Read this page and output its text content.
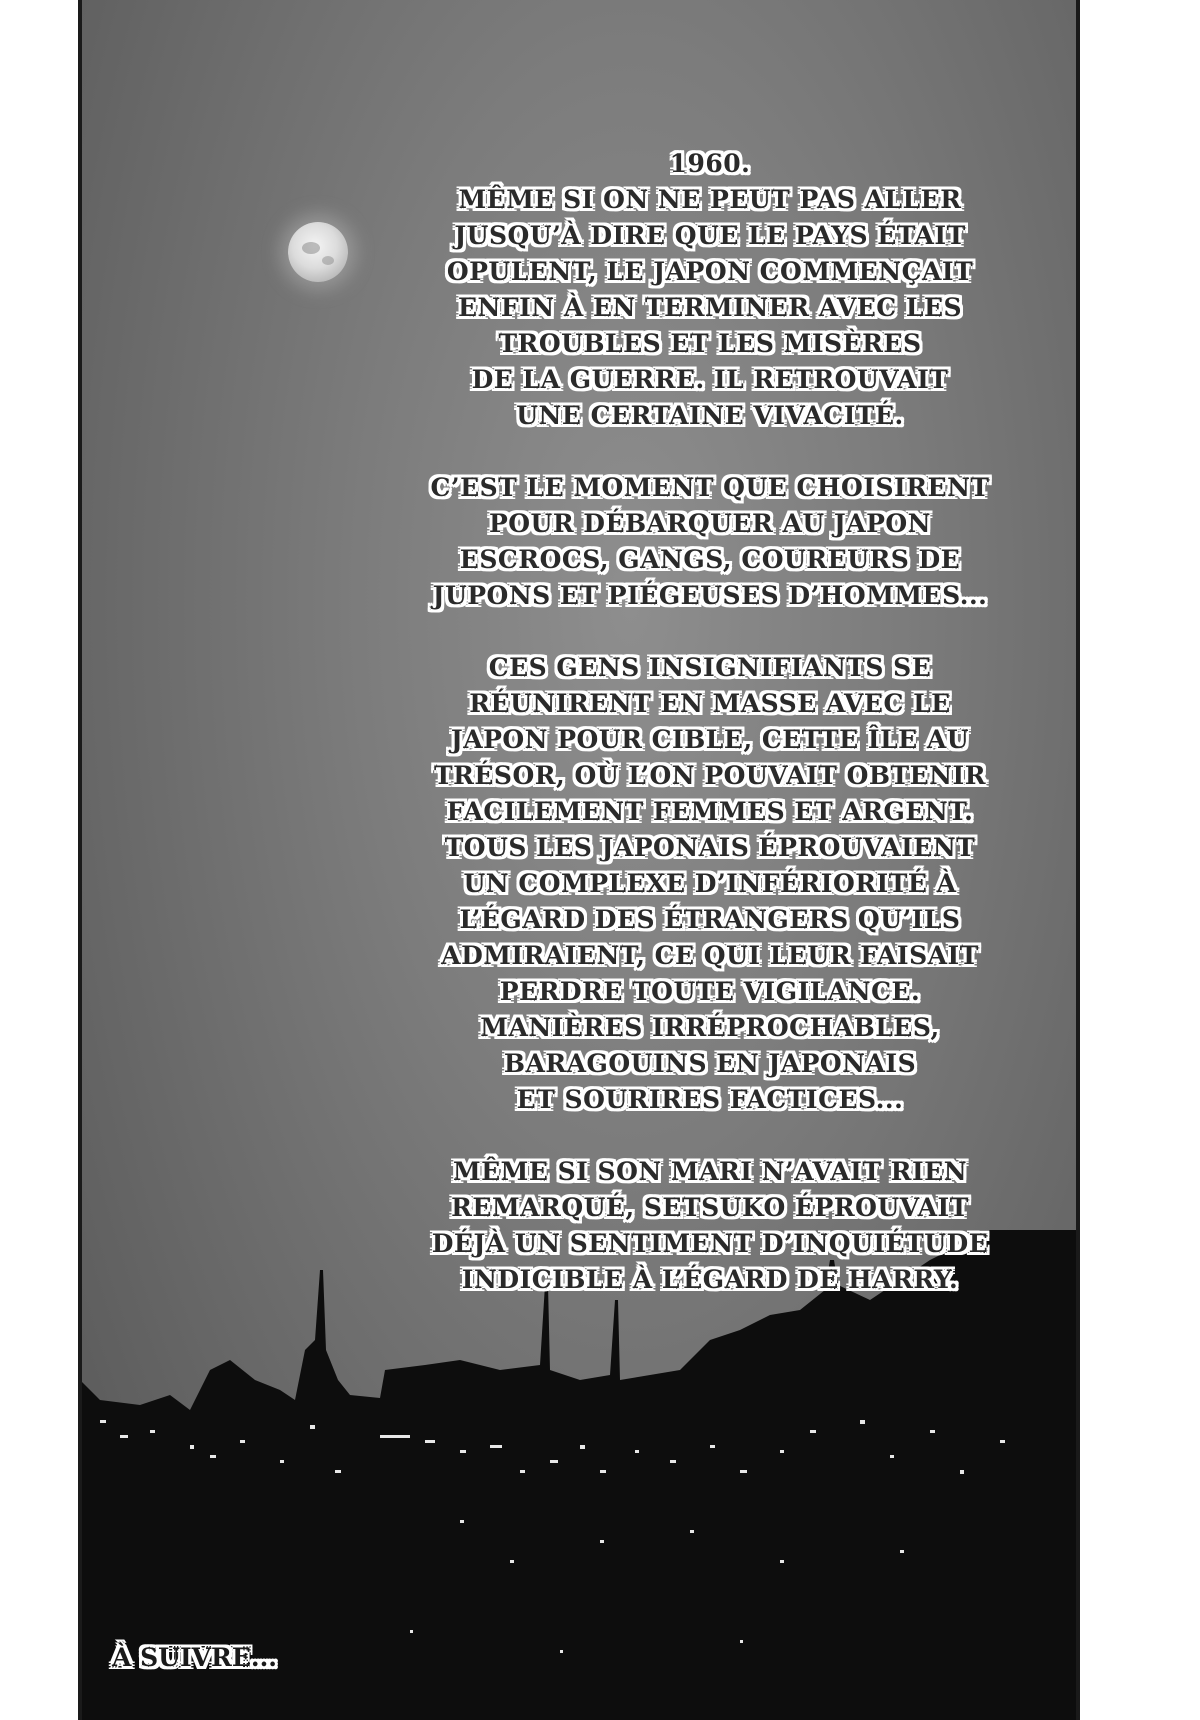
1960.
MÊME SI ON NE PEUT PAS ALLER
JUSQU’À DIRE QUE LE PAYS ÉTAIT
OPULENT, LE JAPON COMMENÇAIT
ENFIN À EN TERMINER AVEC LES
TROUBLES ET LES MISÈRES
DE LA GUERRE. IL RETROUVAIT
UNE CERTAINE VIVACITÉ.
C’EST LE MOMENT QUE CHOISIRENT
POUR DÉBARQUER AU JAPON
ESCROCS, GANGS, COUREURS DE
JUPONS ET PIÉGEUSES D’HOMMES...
CES GENS INSIGNIFIANTS SE
RÉUNIRENT EN MASSE AVEC LE
JAPON POUR CIBLE, CETTE ÎLE AU
TRÉSOR, OÙ L’ON POUVAIT OBTENIR
FACILEMENT FEMMES ET ARGENT.
TOUS LES JAPONAIS ÉPROUVAIENT
UN COMPLEXE D’INFÉRIORITÉ À
L’ÉGARD DES ÉTRANGERS QU’ILS
ADMIRAIENT, CE QUI LEUR FAISAIT
PERDRE TOUTE VIGILANCE.
MANIÈRES IRRÉPROCHABLES,
BARAGOUINS EN JAPONAIS
ET SOURIRES FACTICES...
MÊME SI SON MARI N’AVAIT RIEN
REMARQUÉ, SETSUKO ÉPROUVAIT
DÉJÀ UN SENTIMENT D’INQUIÉTUDE
INDICIBLE À L’ÉGARD DE HARRY.
À SUIVRE...
